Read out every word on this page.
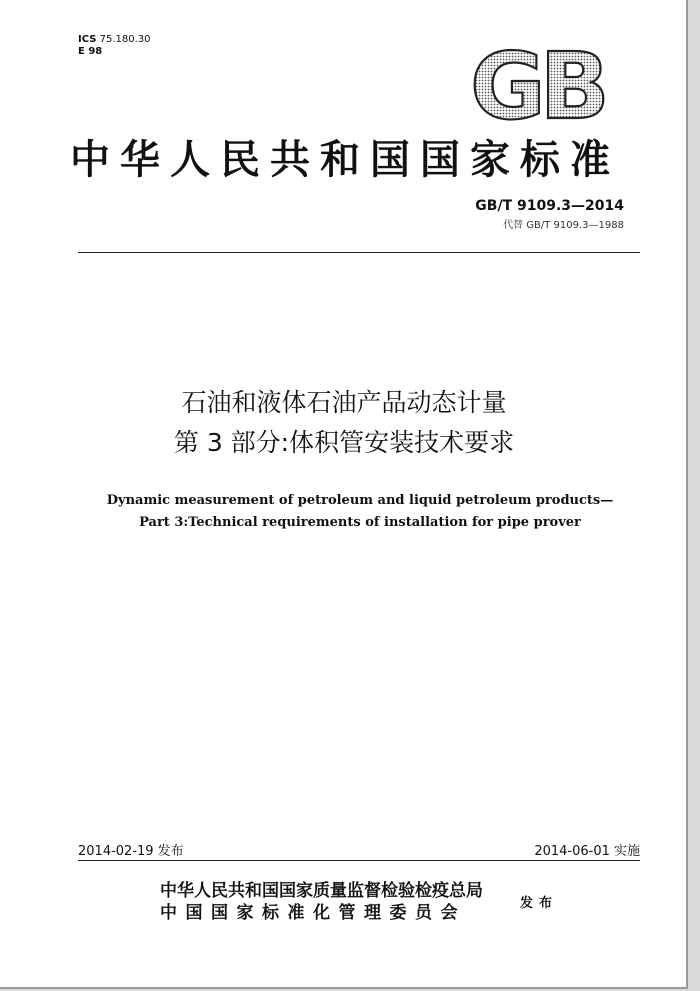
ICS 75.180.30
E 98	GB
中华人民共和国国家标准
GB/T 9109.3—2014
代替 GB/T 9109.3—1988
石油和液体石油产品动态计量
第 3 部分:体积管安装技术要求
Dynamic measurement of petroleum and liquid petroleum products—
Part 3:Technical requirements of installation for pipe prover
2014-02-19 发布	2014-06-01 实施
中华人民共和国国家质量监督检验检疫总局
中国国家标准化管理委员会	发布
